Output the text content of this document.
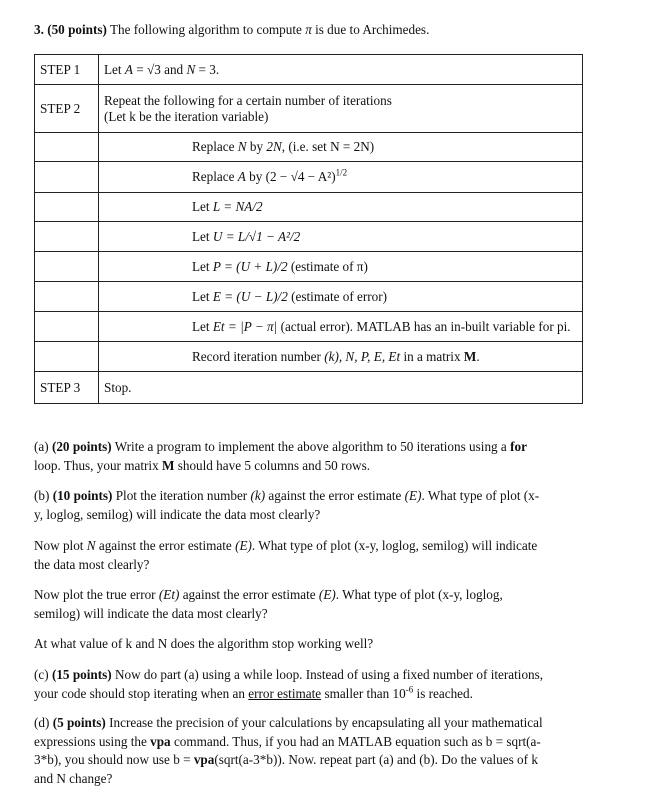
3. (50 points) The following algorithm to compute π is due to Archimedes.
STEP 1	Let A = √3 and N = 3.
STEP 2	Repeat the following for a certain number of iterations
(Let k be the iteration variable)

	Replace N by 2N, (i.e. set N = 2N)
	Replace A by $(2 - √4 - A^2)^{1/2}$
	Let L = NA/2
	Let U = L/√1 − A²/2
	Let P = (U + L)/2 (estimate of π)
	Let E = (U − L)/2 (estimate of error)
	Let Et = |P − π| (actual error). MATLAB has an in-built variable for pi.
	Record iteration number (k), N, P, E, Et in a matrix M.
STEP 3	Stop.
(a) (20 points) Write a program to implement the above algorithm to 50 iterations using a for
loop. Thus, your matrix M should have 5 columns and 50 rows.
(b) (10 points) Plot the iteration number (k) against the error estimate (E). What type of plot (x-
y, loglog, semilog) will indicate the data most clearly?
Now plot N against the error estimate (E). What type of plot (x-y, loglog, semilog) will indicate
the data most clearly?
Now plot the true error (Et) against the error estimate (E). What type of plot (x-y, loglog,
semilog) will indicate the data most clearly?
At what value of k and N does the algorithm stop working well?
(c) (15 points) Now do part (a) using a while loop. Instead of using a fixed number of iterations,
your code should stop iterating when an error estimate smaller than $10^{-6}$ is reached.
(d) (5 points) Increase the precision of your calculations by encapsulating all your mathematical
expressions using the vpa command. Thus, if you had an MATLAB equation such as b = sqrt(a-
3*b), you should now use b = vpa(sqrt(a-3*b)). Now. repeat part (a) and (b). Do the values of k
and N change?
